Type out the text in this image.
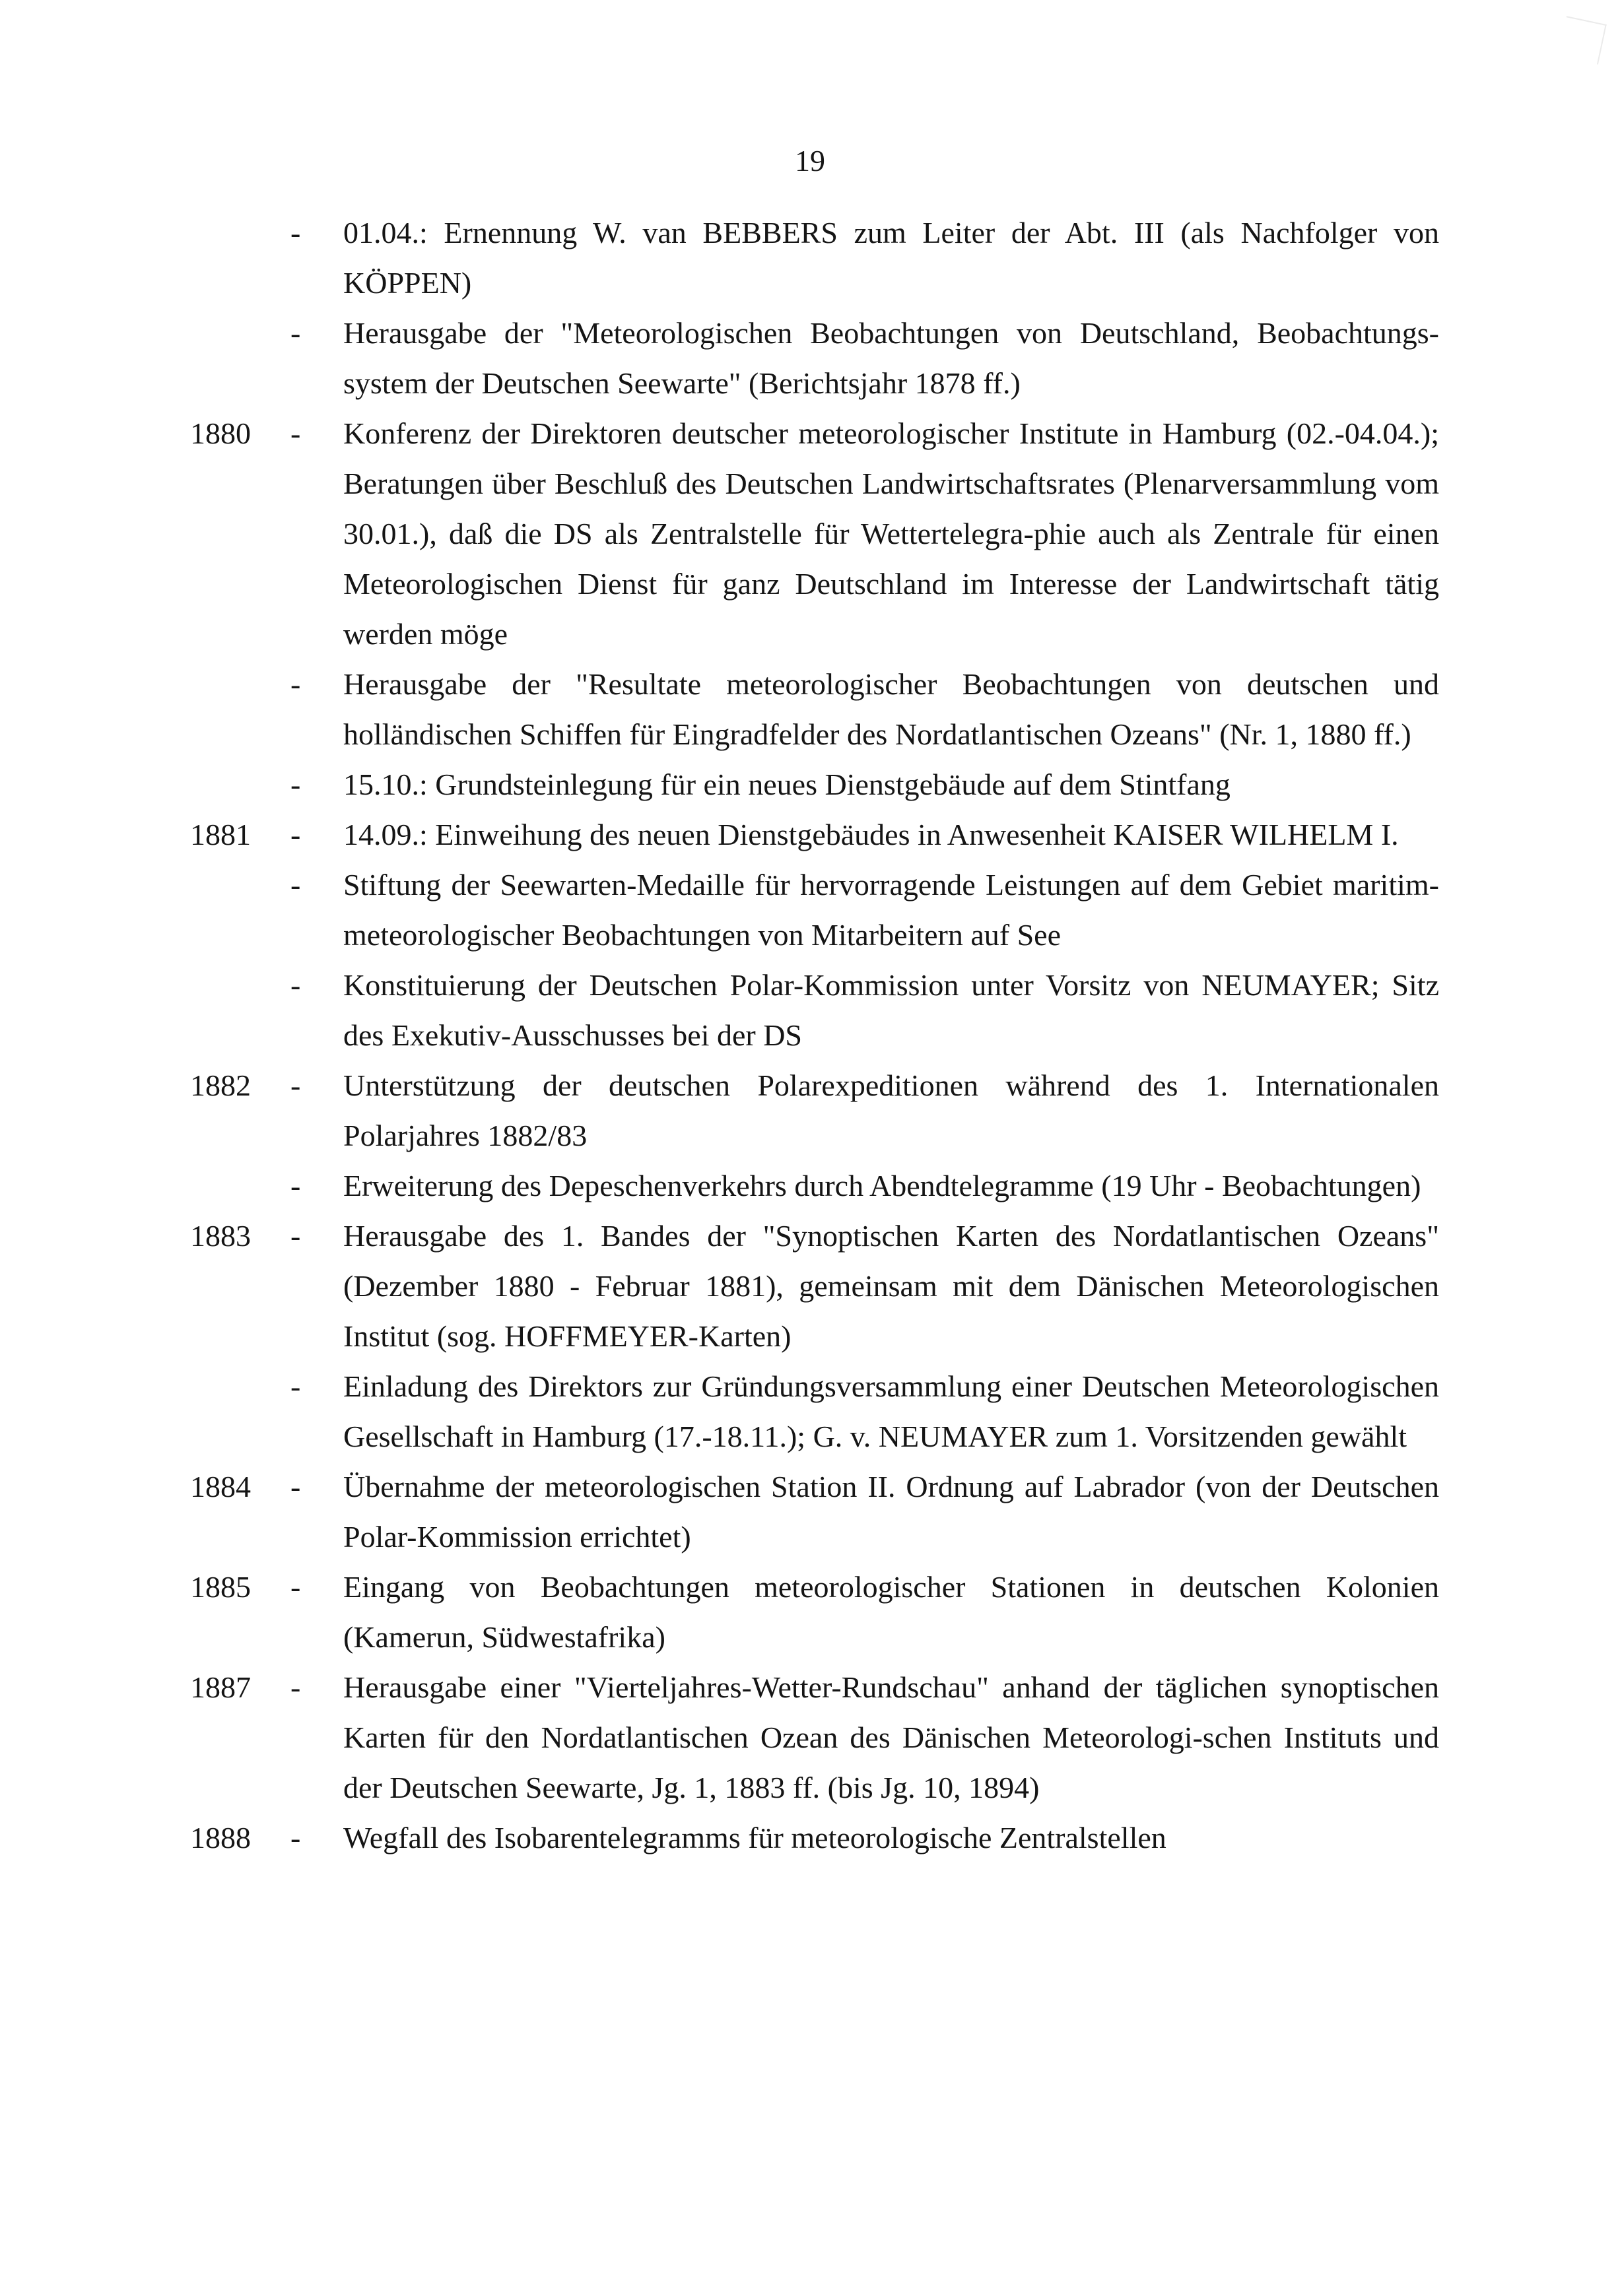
19
- 01.04.: Ernennung W. van BEBBERS zum Leiter der Abt. III (als Nachfolger von KÖPPEN)
- Herausgabe der "Meteorologischen Beobachtungen von Deutschland, Beobachtungs-system der Deutschen Seewarte" (Berichtsjahr 1878 ff.)
1880 - Konferenz der Direktoren deutscher meteorologischer Institute in Hamburg (02.-04.04.); Beratungen über Beschluß des Deutschen Landwirtschaftsrates (Plenarversammlung vom 30.01.), daß die DS als Zentralstelle für Wettertelegra-phie auch als Zentrale für einen Meteorologischen Dienst für ganz Deutschland im Interesse der Landwirtschaft tätig werden möge
- Herausgabe der "Resultate meteorologischer Beobachtungen von deutschen und holländischen Schiffen für Eingradfelder des Nordatlantischen Ozeans" (Nr. 1, 1880 ff.)
- 15.10.: Grundsteinlegung für ein neues Dienstgebäude auf dem Stintfang
1881 - 14.09.: Einweihung des neuen Dienstgebäudes in Anwesenheit KAISER WILHELM I.
- Stiftung der Seewarten-Medaille für hervorragende Leistungen auf dem Gebiet maritim-meteorologischer Beobachtungen von Mitarbeitern auf See
- Konstituierung der Deutschen Polar-Kommission unter Vorsitz von NEUMAYER; Sitz des Exekutiv-Ausschusses bei der DS
1882 - Unterstützung der deutschen Polarexpeditionen während des 1. Internationalen Polarjahres 1882/83
- Erweiterung des Depeschenverkehrs durch Abendtelegramme (19 Uhr - Beobachtungen)
1883 - Herausgabe des 1. Bandes der "Synoptischen Karten des Nordatlantischen Ozeans" (Dezember 1880 - Februar 1881), gemeinsam mit dem Dänischen Meteorologischen Institut (sog. HOFFMEYER-Karten)
- Einladung des Direktors zur Gründungsversammlung einer Deutschen Meteorologischen Gesellschaft in Hamburg (17.-18.11.); G. v. NEUMAYER zum 1. Vorsitzenden gewählt
1884 - Übernahme der meteorologischen Station II. Ordnung auf Labrador (von der Deutschen Polar-Kommission errichtet)
1885 - Eingang von Beobachtungen meteorologischer Stationen in deutschen Kolonien (Kamerun, Südwestafrika)
1887 - Herausgabe einer "Vierteljahres-Wetter-Rundschau" anhand der täglichen synoptischen Karten für den Nordatlantischen Ozean des Dänischen Meteorologi-schen Instituts und der Deutschen Seewarte, Jg. 1, 1883 ff. (bis Jg. 10, 1894)
1888 - Wegfall des Isobarentelegramms für meteorologische Zentralstellen
